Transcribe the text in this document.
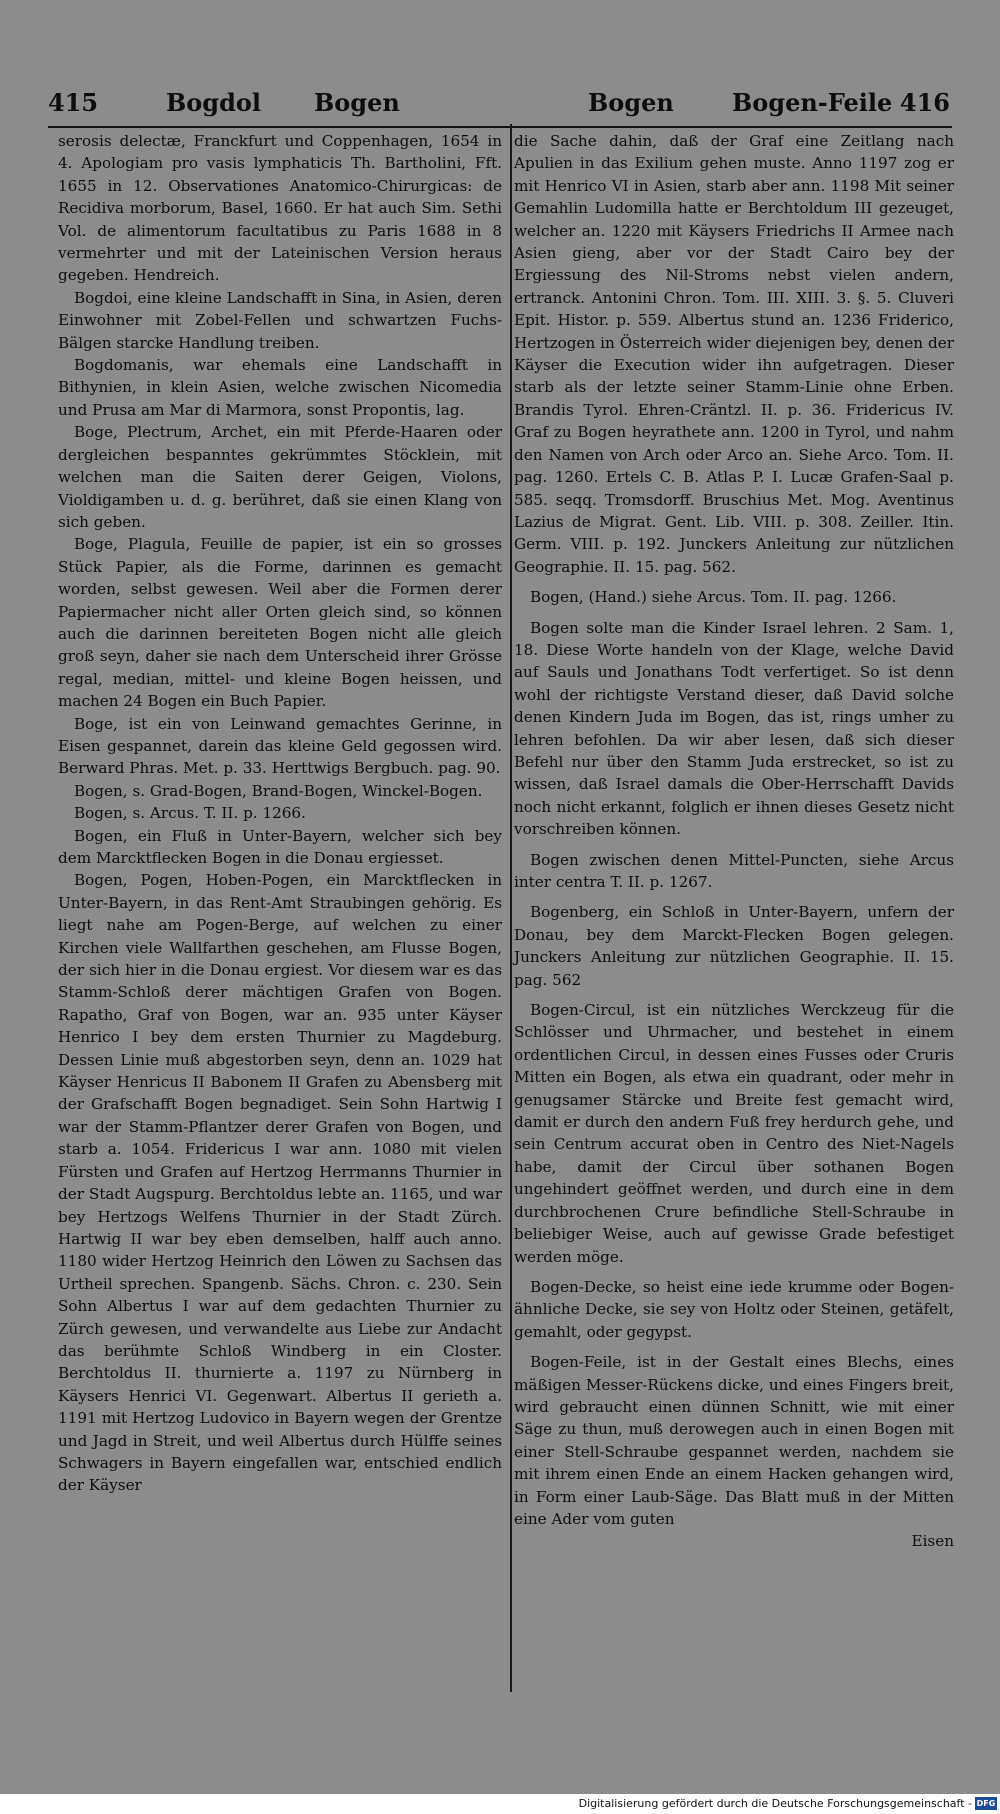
415	Bogdol Bogen	Bogen Bogen-Feile 416

serosis delectæ, Franckfurt und Coppenhagen, 1654 in 4. Apologiam pro vasis lymphaticis Th. Bartholini, Fft. 1655 in 12. Observationes Anatomico-Chirurgicas: de Recidiva morborum, Basel, 1660. Er hat auch Sim. Sethi Vol. de alimentorum facultatibus zu Paris 1688 in 8 vermehrter und mit der Lateinischen Version heraus gegeben. Hendreich.

Bogdoi, eine kleine Landschafft in Sina, in Asien, deren Einwohner mit Zobel-Fellen und schwartzen Fuchs-Bälgen starcke Handlung treiben.

Bogdomanis, war ehemals eine Landschafft in Bithynien, in klein Asien, welche zwischen Nicomedia und Prusa am Mar di Marmora, sonst Propontis, lag.

Boge, Plectrum, Archet, ein mit Pferde-Haaren oder dergleichen bespanntes gekrümmtes Stöcklein, mit welchen man die Saiten derer Geigen, Violons, Violdigamben u. d. g. berühret, daß sie einen Klang von sich geben.

Boge, Plagula, Feuille de papier, ist ein so grosses Stück Papier, als die Forme, darinnen es gemacht worden, selbst gewesen. Weil aber die Formen derer Papiermacher nicht aller Orten gleich sind, so können auch die darinnen bereiteten Bogen nicht alle gleich groß seyn, daher sie nach dem Unterscheid ihrer Grösse regal, median, mittel- und kleine Bogen heissen, und machen 24 Bogen ein Buch Papier.

Boge, ist ein von Leinwand gemachtes Gerinne, in Eisen gespannet, darein das kleine Geld gegossen wird. Berward Phras. Met. p. 33. Herttwigs Bergbuch. pag. 90.

Bogen, s. Grad-Bogen, Brand-Bogen, Winckel-Bogen.

Bogen, s. Arcus. T. II. p. 1266.

Bogen, ein Fluß in Unter-Bayern, welcher sich bey dem Marcktflecken Bogen in die Donau ergiesset.

Bogen, Pogen, Hoben-Pogen, ein Marcktflecken in Unter-Bayern, in das Rent-Amt Straubingen gehörig. Es liegt nahe am Pogen-Berge, auf welchen zu einer Kirchen viele Wallfarthen geschehen, am Flusse Bogen, der sich hier in die Donau ergiest. Vor diesem war es das Stamm-Schloß derer mächtigen Grafen von Bogen. Rapatho, Graf von Bogen, war an. 935 unter Käyser Henrico I bey dem ersten Thurnier zu Magdeburg. Dessen Linie muß abgestorben seyn, denn an. 1029 hat Käyser Henricus II Babonem II Grafen zu Abensberg mit der Grafschafft Bogen begnadiget. Sein Sohn Hartwig I war der Stamm-Pflantzer derer Grafen von Bogen, und starb a. 1054. Fridericus I war ann. 1080 mit vielen Fürsten und Grafen auf Hertzog Herrmanns Thurnier in der Stadt Augspurg. Berchtoldus lebte an. 1165, und war bey Hertzogs Welfens Thurnier in der Stadt Zürch. Hartwig II war bey eben demselben, halff auch anno. 1180 wider Hertzog Heinrich den Löwen zu Sachsen das Urtheil sprechen. Spangenb. Sächs. Chron. c. 230. Sein Sohn Albertus I war auf dem gedachten Thurnier zu Zürch gewesen, und verwandelte aus Liebe zur Andacht das berühmte Schloß Windberg in ein Closter. Berchtoldus II. thurnierte a. 1197 zu Nürnberg in Käysers Henrici VI. Gegenwart. Albertus II gerieth a. 1191 mit Hertzog Ludovico in Bayern wegen der Grentze und Jagd in Streit, und weil Albertus durch Hülffe seines Schwagers in Bayern eingefallen war, entschied endlich der Käyser

die Sache dahin, daß der Graf eine Zeitlang nach Apulien in das Exilium gehen muste. Anno 1197 zog er mit Henrico VI in Asien, starb aber ann. 1198 Mit seiner Gemahlin Ludomilla hatte er Berchtoldum III gezeuget, welcher an. 1220 mit Käysers Friedrichs II Armee nach Asien gieng, aber vor der Stadt Cairo bey der Ergiessung des Nil-Stroms nebst vielen andern, ertranck. Antonini Chron. Tom. III. XIII. 3. §. 5. Cluveri Epit. Histor. p. 559. Albertus stund an. 1236 Friderico, Hertzogen in Österreich wider diejenigen bey, denen der Käyser die Execution wider ihn aufgetragen. Dieser starb als der letzte seiner Stamm-Linie ohne Erben. Brandis Tyrol. Ehren-Cräntzl. II. p. 36. Fridericus IV. Graf zu Bogen heyrathete ann. 1200 in Tyrol, und nahm den Namen von Arch oder Arco an. Siehe Arco. Tom. II. pag. 1260. Ertels C. B. Atlas P. I. Lucæ Grafen-Saal p. 585. seqq. Tromsdorff. Bruschius Met. Mog. Aventinus Lazius de Migrat. Gent. Lib. VIII. p. 308. Zeiller. Itin. Germ. VIII. p. 192. Junckers Anleitung zur nützlichen Geographie. II. 15. pag. 562.

Bogen, (Hand.) siehe Arcus. Tom. II. pag. 1266.

Bogen solte man die Kinder Israel lehren. 2 Sam. 1, 18. Diese Worte handeln von der Klage, welche David auf Sauls und Jonathans Todt verfertiget. So ist denn wohl der richtigste Verstand dieser, daß David solche denen Kindern Juda im Bogen, das ist, rings umher zu lehren befohlen. Da wir aber lesen, daß sich dieser Befehl nur über den Stamm Juda erstrecket, so ist zu wissen, daß Israel damals die Ober-Herrschafft Davids noch nicht erkannt, folglich er ihnen dieses Gesetz nicht vorschreiben können.

Bogen zwischen denen Mittel-Puncten, siehe Arcus inter centra T. II. p. 1267.

Bogenberg, ein Schloß in Unter-Bayern, unfern der Donau, bey dem Marckt-Flecken Bogen gelegen. Junckers Anleitung zur nützlichen Geographie. II. 15. pag. 562

Bogen-Circul, ist ein nützliches Werckzeug für die Schlösser und Uhrmacher, und bestehet in einem ordentlichen Circul, in dessen eines Fusses oder Cruris Mitten ein Bogen, als etwa ein quadrant, oder mehr in genugsamer Stärcke und Breite fest gemacht wird, damit er durch den andern Fuß frey herdurch gehe, und sein Centrum accurat oben in Centro des Niet-Nagels habe, damit der Circul über sothanen Bogen ungehindert geöffnet werden, und durch eine in dem durchbrochenen Crure befindliche Stell-Schraube in beliebiger Weise, auch auf gewisse Grade befestiget werden möge.

Bogen-Decke, so heist eine iede krumme oder Bogen-ähnliche Decke, sie sey von Holtz oder Steinen, getäfelt, gemahlt, oder gegypst.

Bogen-Feile, ist in der Gestalt eines Blechs, eines mäßigen Messer-Rückens dicke, und eines Fingers breit, wird gebraucht einen dünnen Schnitt, wie mit einer Säge zu thun, muß derowegen auch in einen Bogen mit einer Stell-Schraube gespannet werden, nachdem sie mit ihrem einen Ende an einem Hacken gehangen wird, in Form einer Laub-Säge. Das Blatt muß in der Mitten eine Ader vom guten

Eisen

Digitalisierung gefördert durch die Deutsche Forschungsgemeinschaft - DFG
